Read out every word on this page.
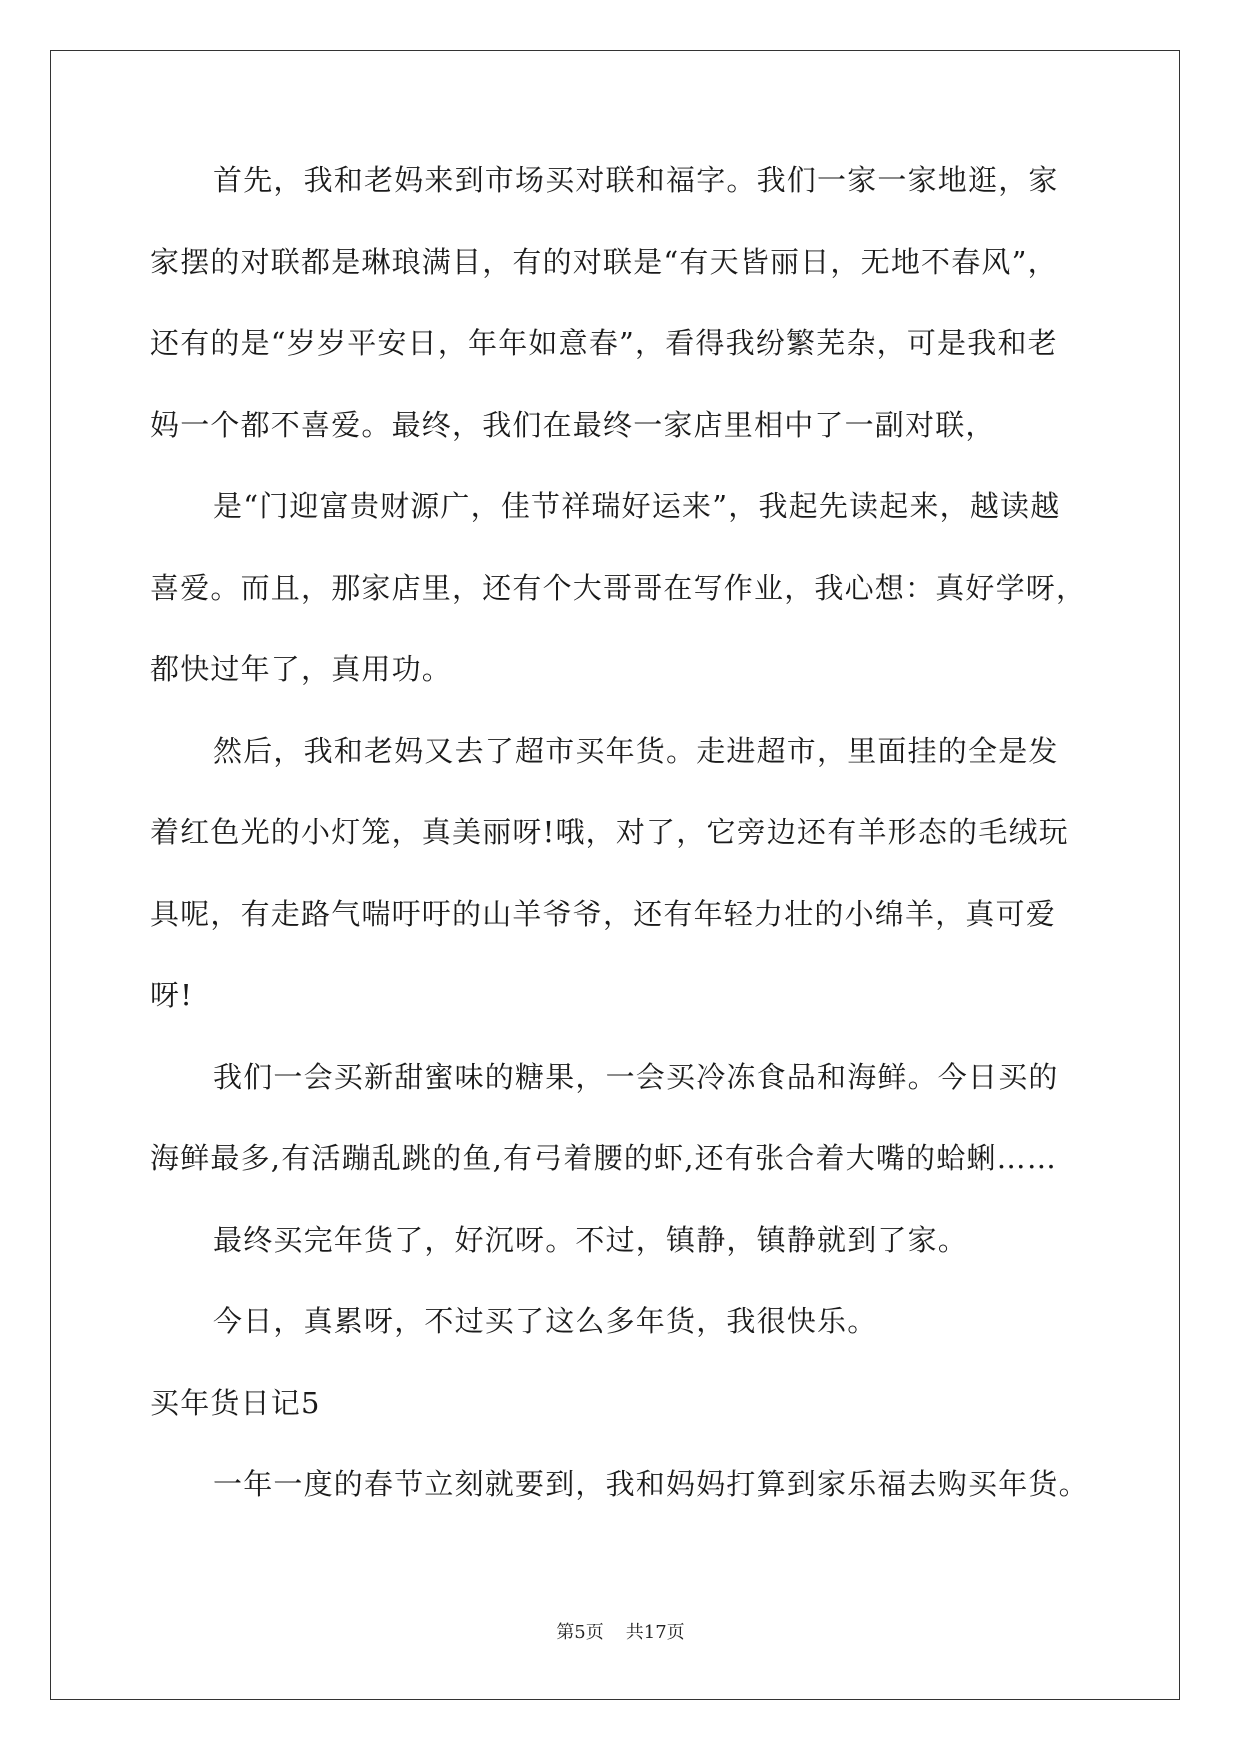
首先，我和老妈来到市场买对联和福字。我们一家一家地逛，家
家摆的对联都是琳琅满目，有的对联是“有天皆丽日，无地不春风”，
还有的是“岁岁平安日，年年如意春”，看得我纷繁芜杂，可是我和老
妈一个都不喜爱。最终，我们在最终一家店里相中了一副对联，
是“门迎富贵财源广，佳节祥瑞好运来”，我起先读起来，越读越
喜爱。而且，那家店里，还有个大哥哥在写作业，我心想：真好学呀，
都快过年了，真用功。
然后，我和老妈又去了超市买年货。走进超市，里面挂的全是发
着红色光的小灯笼，真美丽呀!哦，对了，它旁边还有羊形态的毛绒玩
具呢，有走路气喘吁吁的山羊爷爷，还有年轻力壮的小绵羊，真可爱
呀!
我们一会买新甜蜜味的糖果，一会买冷冻食品和海鲜。今日买的
海鲜最多,有活蹦乱跳的鱼,有弓着腰的虾,还有张合着大嘴的蛤蜊……
最终买完年货了，好沉呀。不过，镇静，镇静就到了家。
今日，真累呀，不过买了这么多年货，我很快乐。
买年货日记5
一年一度的春节立刻就要到，我和妈妈打算到家乐福去购买年货。
第5页 共17页
